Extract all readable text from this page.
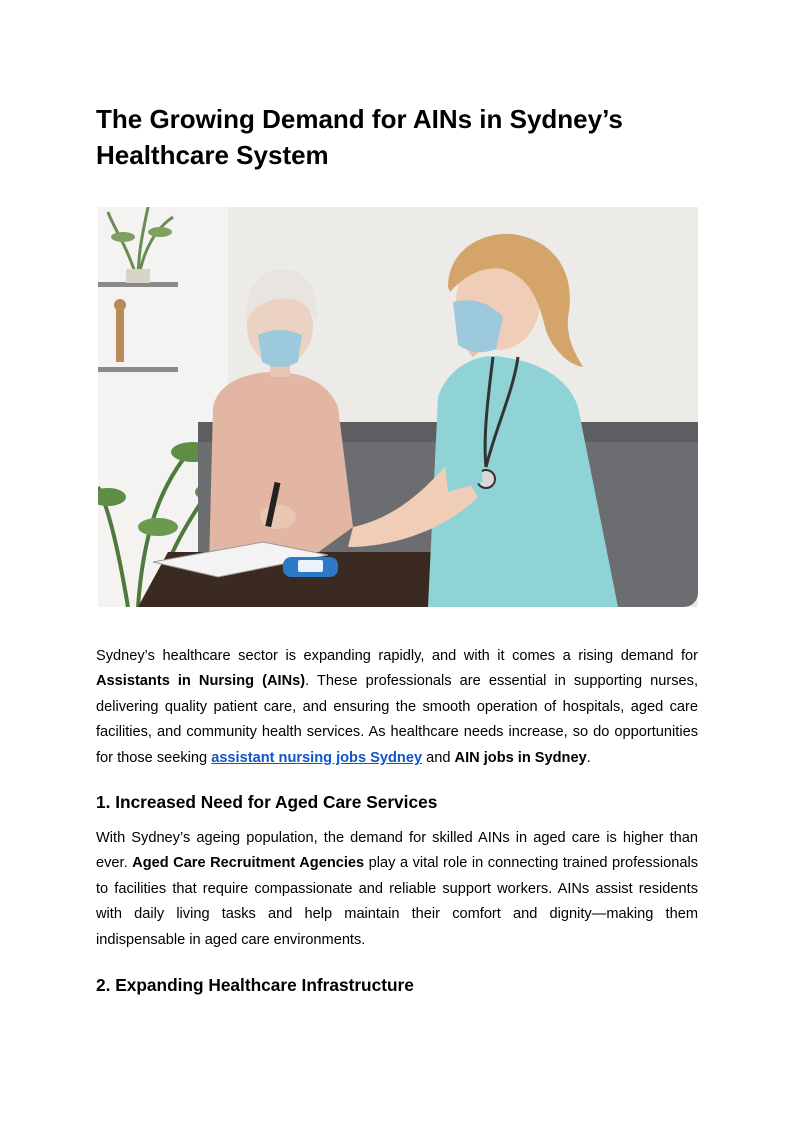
The Growing Demand for AINs in Sydney’s Healthcare System

Sydney’s healthcare sector is expanding rapidly, and with it comes a rising demand for Assistants in Nursing (AINs). These professionals are essential in supporting nurses, delivering quality patient care, and ensuring the smooth operation of hospitals, aged care facilities, and community health services. As healthcare needs increase, so do opportunities for those seeking assistant nursing jobs Sydney and AIN jobs in Sydney.

1. Increased Need for Aged Care Services

With Sydney’s ageing population, the demand for skilled AINs in aged care is higher than ever. Aged Care Recruitment Agencies play a vital role in connecting trained professionals to facilities that require compassionate and reliable support workers. AINs assist residents with daily living tasks and help maintain their comfort and dignity—making them indispensable in aged care environments.

2. Expanding Healthcare Infrastructure
